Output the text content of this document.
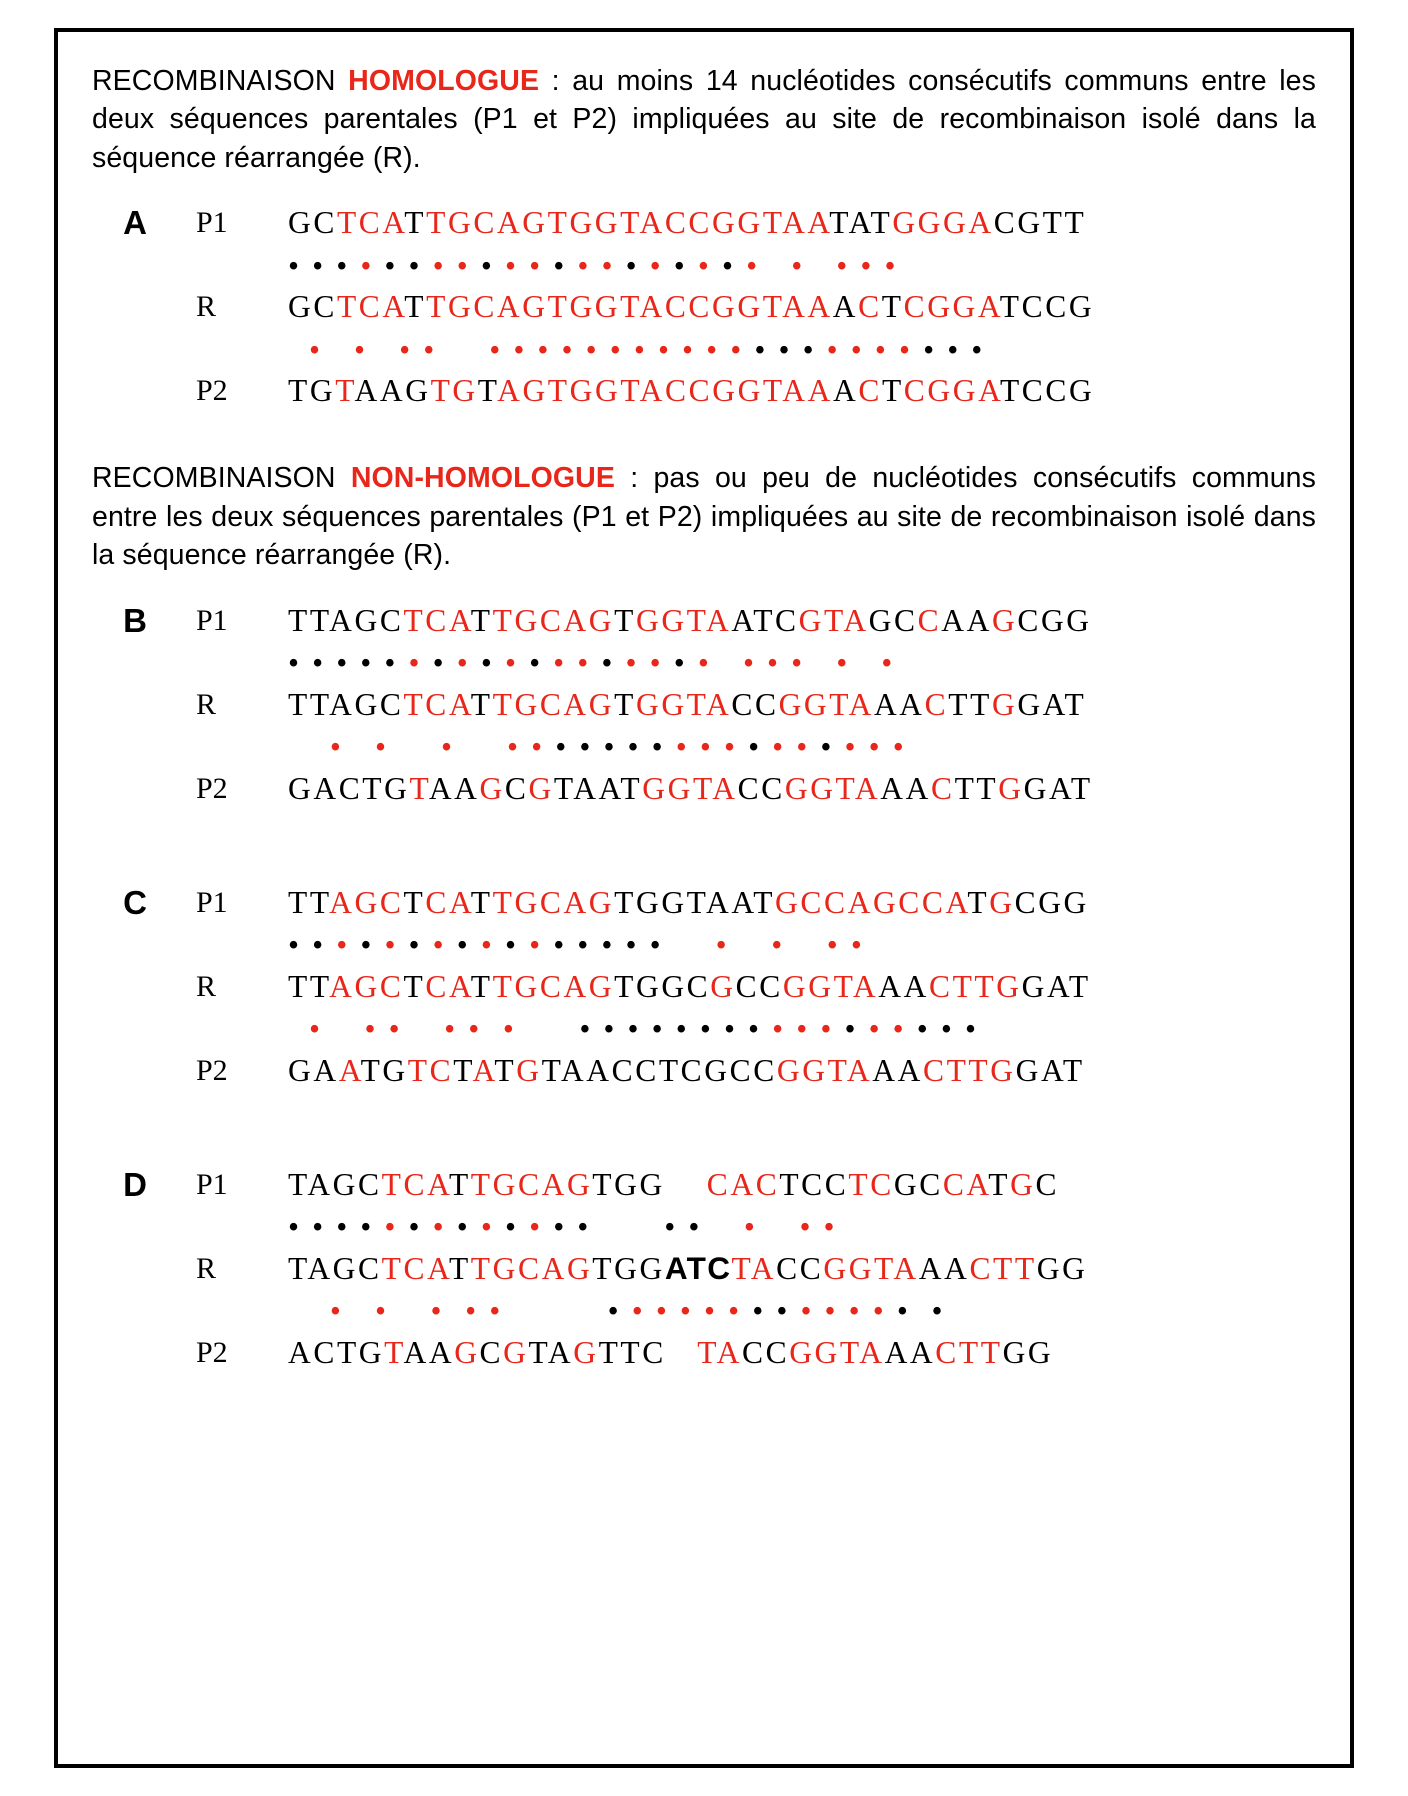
RECOMBINAISON HOMOLOGUE : au moins 14 nucléotides consécutifs communs entre les deux séquences parentales (P1 et P2) impliquées au site de recombinaison isolé dans la séquence réarrangée (R).
A	P1	GCTCATTGCAGTGGTACCGGTAATATGGGACGTT
• • • • • • • • • • • • • • • • • • • • • • • •
R	GCTCATTGCAGTGGTACCGGTAAACTCGGATCCG
• • • • • • • • • • • • • • • • • • • • • • • • •
P2	TGTAAGTGTAGTGGTACCGGTAAACTCGGATCCG
RECOMBINAISON NON-HOMOLOGUE : pas ou peu de nucléotides consécutifs communs entre les deux séquences parentales (P1 et P2) impliquées au site de recombinaison isolé dans la séquence réarrangée (R).
B	P1	TTAGCTCATTGCAGTGGTAATCGTAGCCAAGCGG
• • • • • • • • • • • • • • • • • • • • • • •
R	TTAGCTCATTGCAGTGGTACCGGTAAACTTGGAT
• • • • • • • • • • • • • • • • • • • •
P2	GACTGTAAGCGTAATGGTACCGGTAAACTTGGAT
C	P1	TTAGCTCATTGCAGTGGTAATGCCAGCCATGCGG
• • • • • • • • • • • • • • • •     • • • •
R	TTAGCTCATTGCAGTGGCGCCGGTAAACTTGGAT
• • • • • • • • • • • • • • • • • • • • • • •
P2	GAATGTCTATGTAACCTCGCCGGTAAACTTGGAT
D	P1	TAGCTCATTGCAGTGG    CACTCCTCGCCATGC
• • • • • • • • • • • • •       • • • • •
R	TAGCTCATTGCAGTGGATCTACCGGTAAACTTGG
• • • • •	• • • • • • • • • • • • •  •
P2	ACTGTAAGCGTAGTTC   TACCGGTAAACTTGG
